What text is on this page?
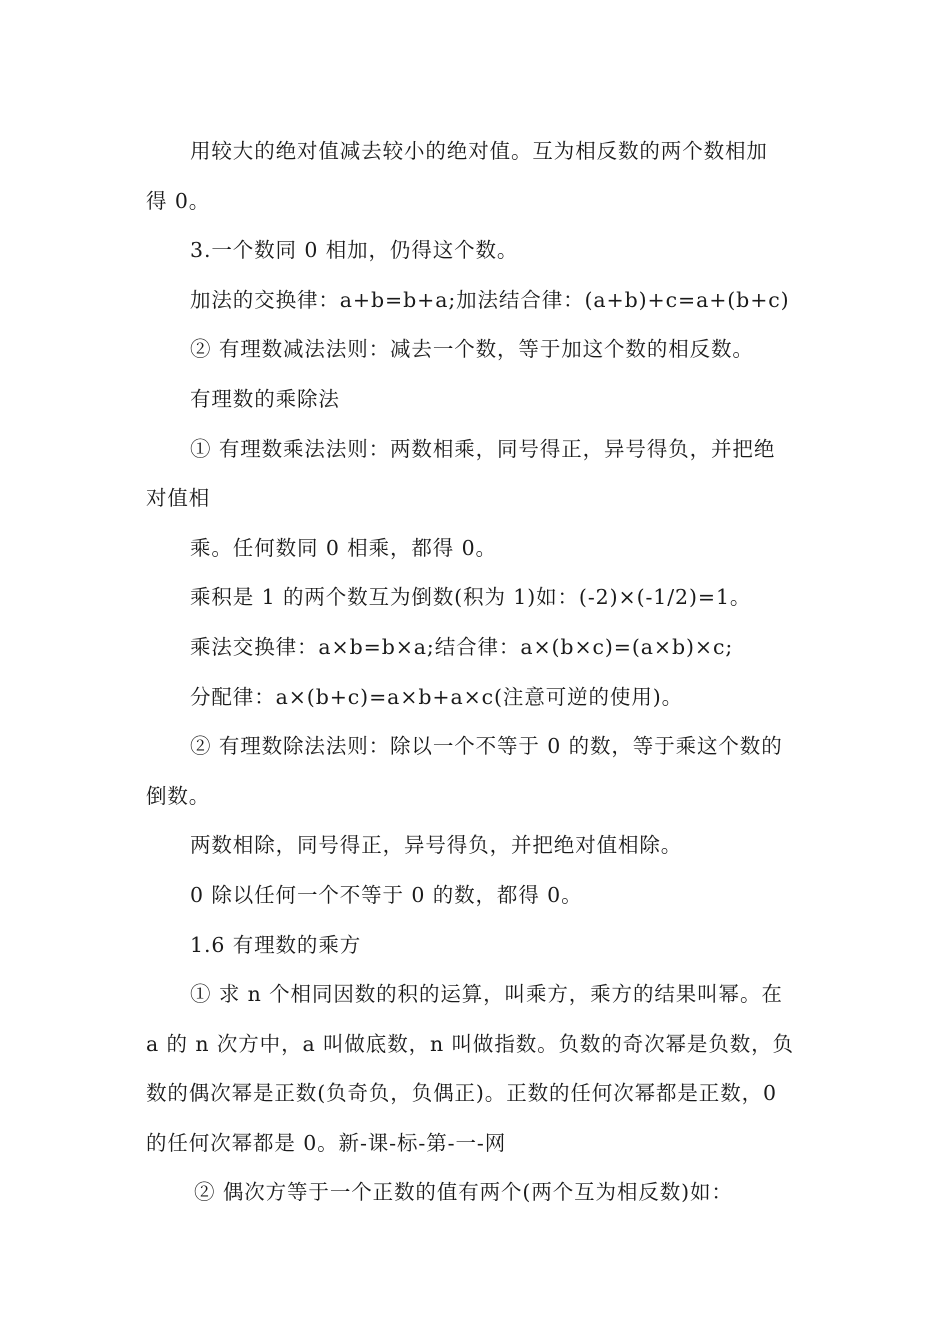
用较大的绝对值减去较小的绝对值。互为相反数的两个数相加
得 0。
3.一个数同 0 相加，仍得这个数。
加法的交换律：a+b=b+a;加法结合律：(a+b)+c=a+(b+c)
② 有理数减法法则：减去一个数，等于加这个数的相反数。
有理数的乘除法
① 有理数乘法法则：两数相乘，同号得正，异号得负，并把绝
对值相
乘。任何数同 0 相乘，都得 0。
乘积是 1 的两个数互为倒数(积为 1)如：(-2)×(-1/2)=1。
乘法交换律：a×b=b×a;结合律：a×(b×c)=(a×b)×c;
分配律：a×(b+c)=a×b+a×c(注意可逆的使用)。
② 有理数除法法则：除以一个不等于 0 的数，等于乘这个数的
倒数。
两数相除，同号得正，异号得负，并把绝对值相除。
0 除以任何一个不等于 0 的数，都得 0。
1.6 有理数的乘方
① 求 n 个相同因数的积的运算，叫乘方，乘方的结果叫幂。在
a 的 n 次方中，a 叫做底数，n 叫做指数。负数的奇次幂是负数，负
数的偶次幂是正数(负奇负，负偶正)。正数的任何次幂都是正数，0
的任何次幂都是 0。新-课-标-第-一-网
② 偶次方等于一个正数的值有两个(两个互为相反数)如：
